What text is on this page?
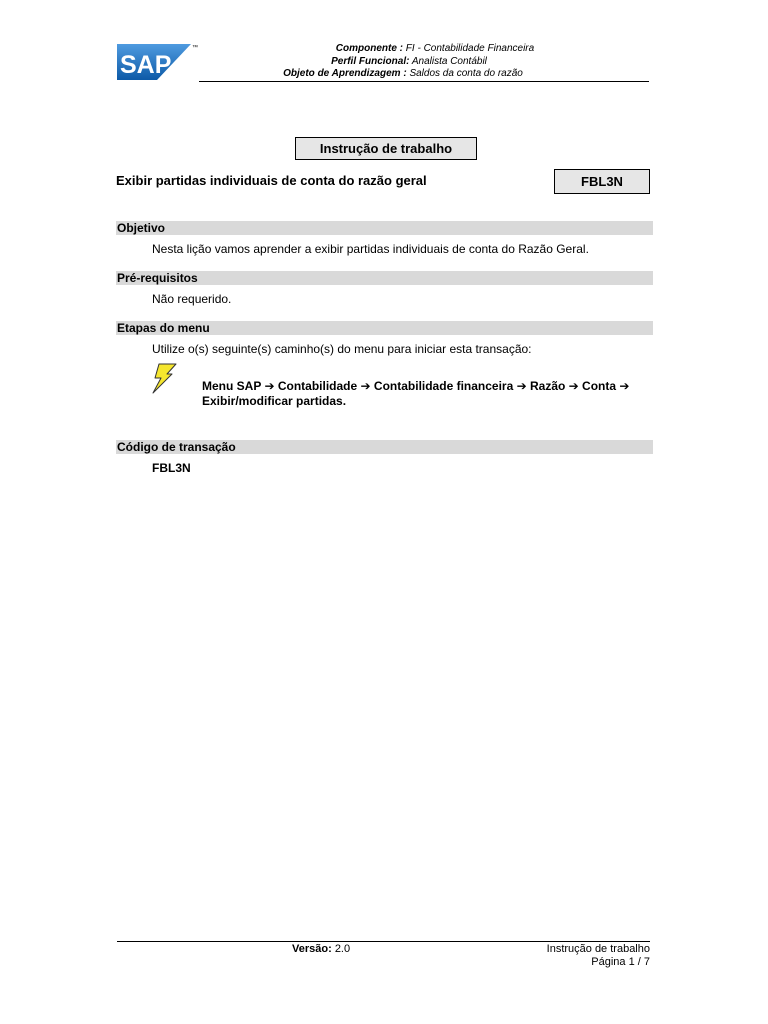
SAP
™	Componente : FI - Contabilidade Financeira
Perfil Funcional: Analista Contábil
Objeto de Aprendizagem : Saldos da conta do razão
Instrução de trabalho
Exibir partidas individuais de conta do razão geral	FBL3N
Objetivo
Nesta lição vamos aprender a exibir partidas individuais de conta do Razão Geral.
Pré-requisitos
Não requerido.
Etapas do menu
Utilize o(s) seguinte(s) caminho(s) do menu para iniciar esta transação:
Menu SAP ➔ Contabilidade ➔ Contabilidade financeira ➔ Razão ➔ Conta ➔
Exibir/modificar partidas.
Código de transação
FBL3N
Versão: 2.0	Instrução de trabalho
Página 1 / 7
